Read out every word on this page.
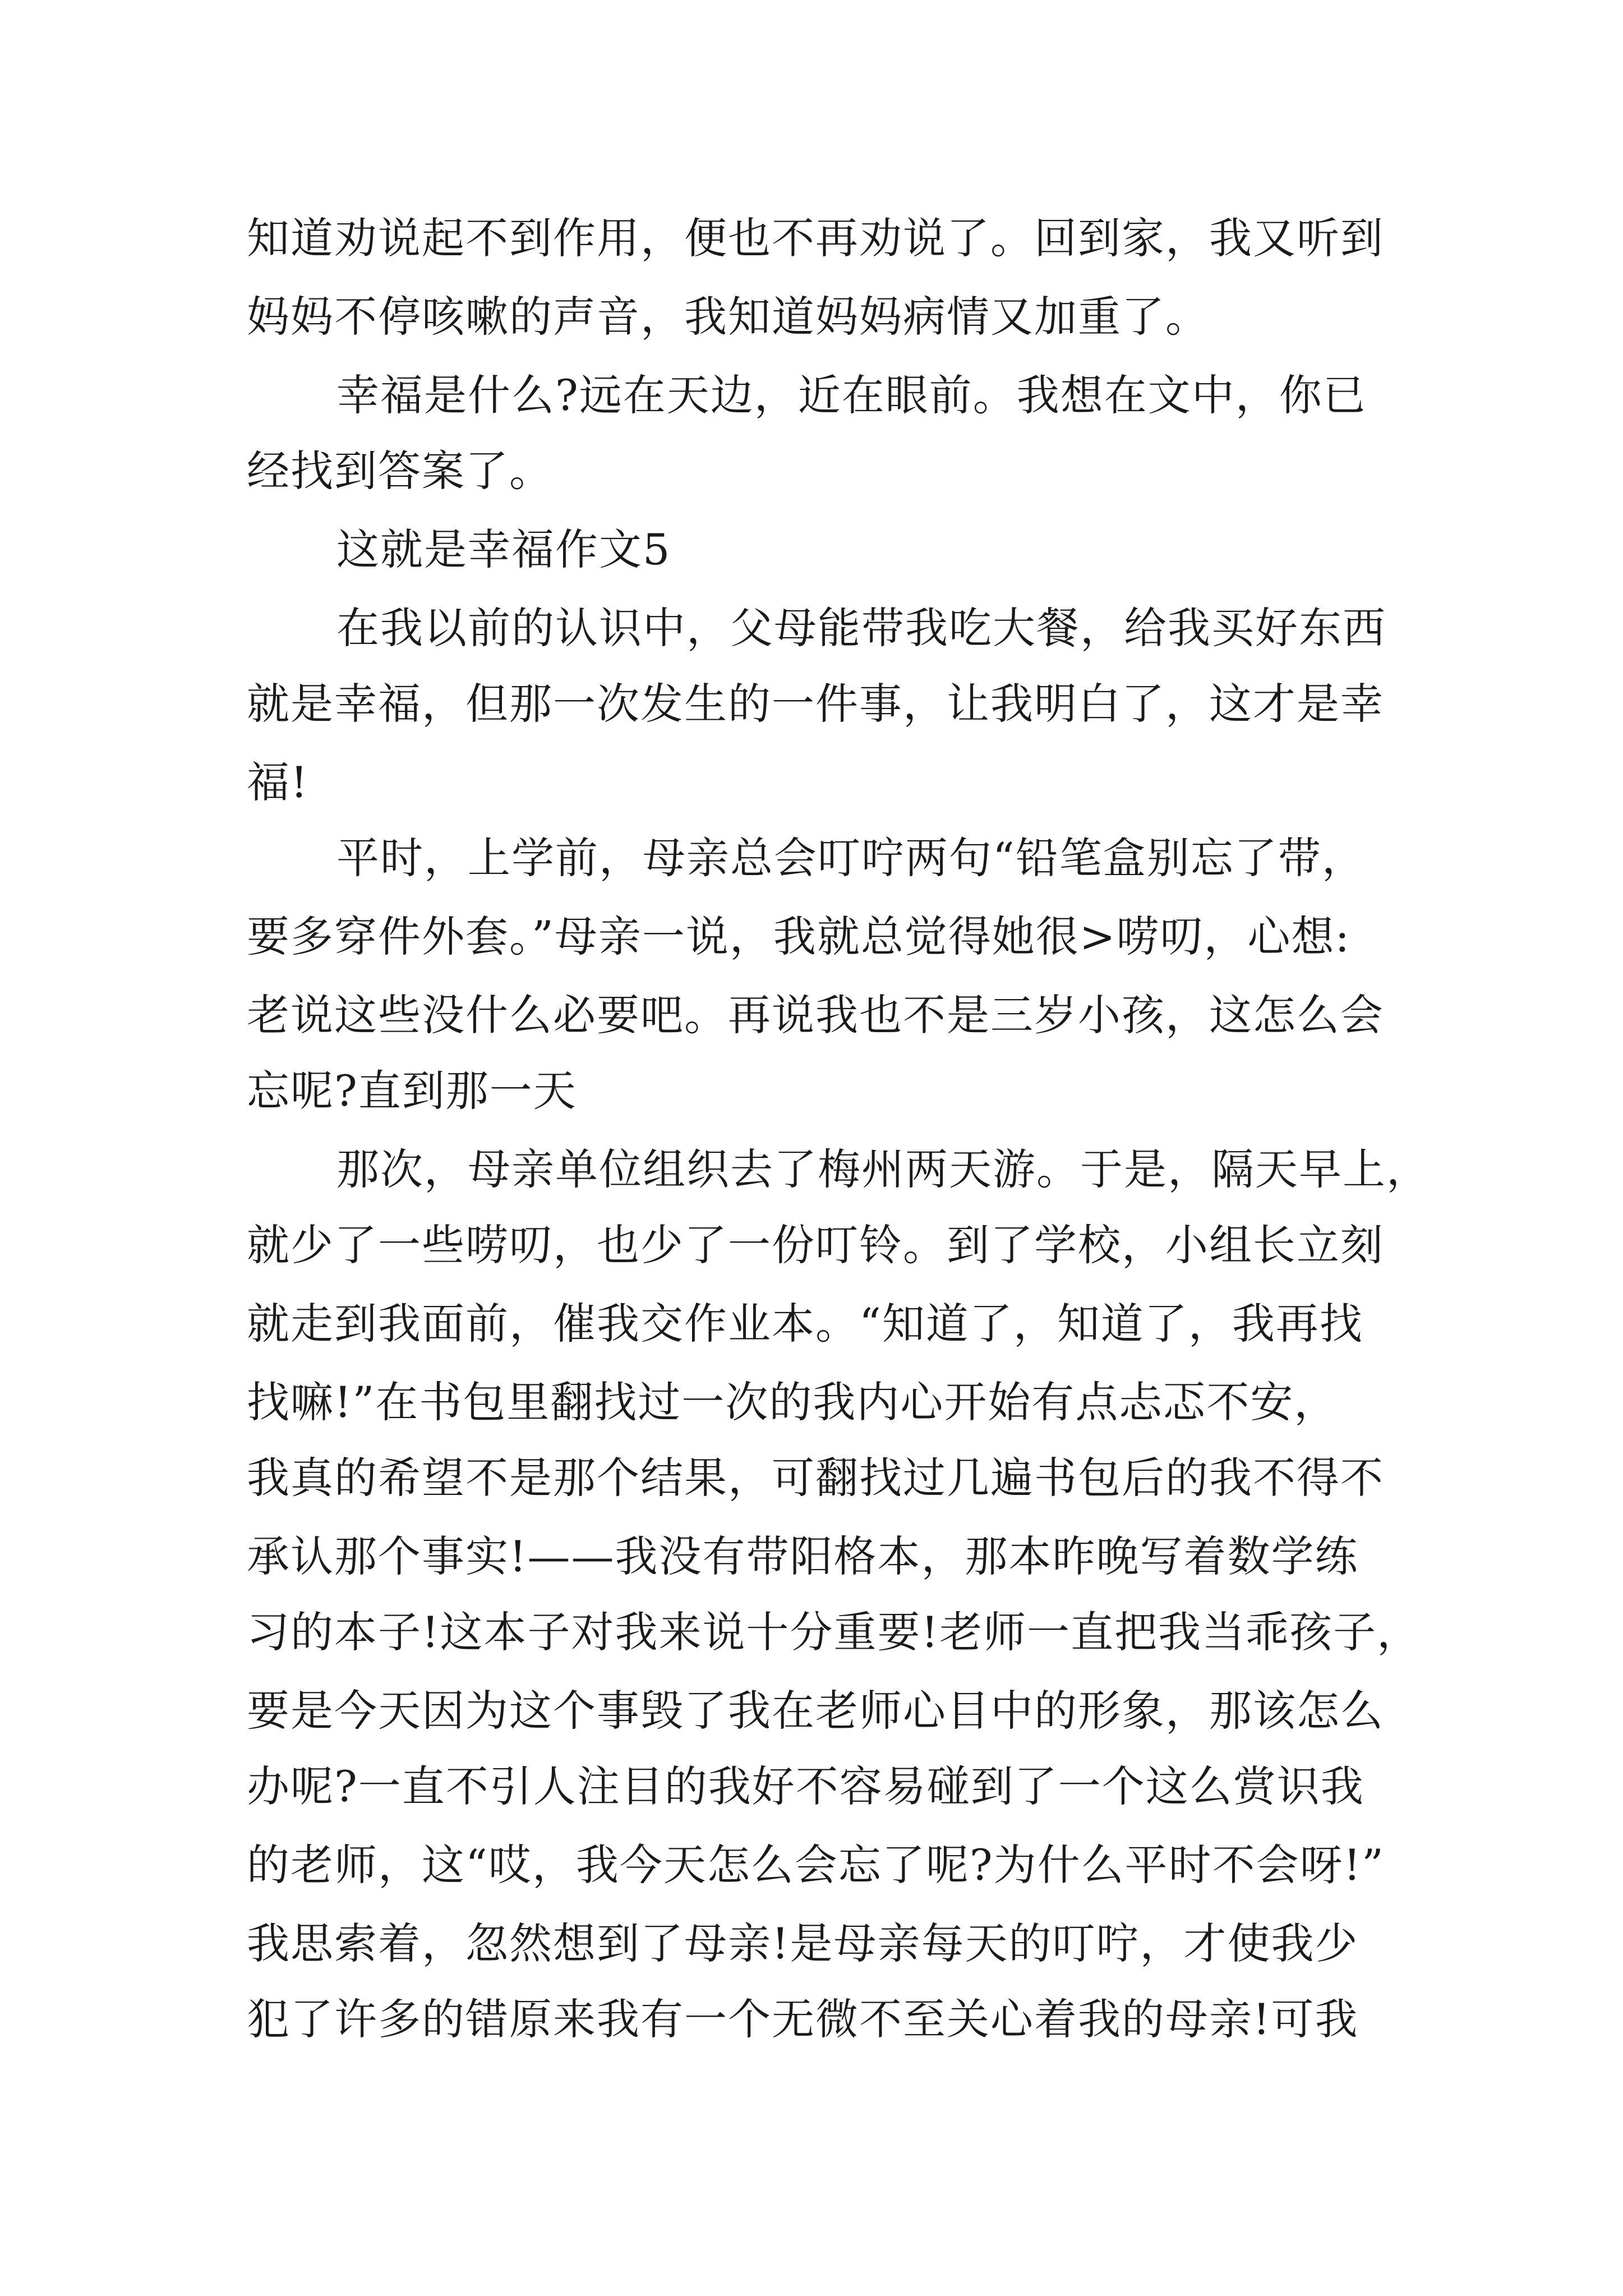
知道劝说起不到作用，便也不再劝说了。回到家，我又听到
妈妈不停咳嗽的声音，我知道妈妈病情又加重了。
幸福是什么?远在天边，近在眼前。我想在文中，你已
经找到答案了。
这就是幸福作文5
在我以前的认识中，父母能带我吃大餐，给我买好东西
就是幸福，但那一次发生的一件事，让我明白了，这才是幸
福!
平时，上学前，母亲总会叮咛两句“铅笔盒别忘了带，
要多穿件外套。”母亲一说，我就总觉得她很>唠叨，心想:
老说这些没什么必要吧。再说我也不是三岁小孩，这怎么会
忘呢?直到那一天
那次，母亲单位组织去了梅州两天游。于是，隔天早上，
就少了一些唠叨，也少了一份叮铃。到了学校，小组长立刻
就走到我面前，催我交作业本。“知道了，知道了，我再找
找嘛!”在书包里翻找过一次的我内心开始有点忐忑不安，
我真的希望不是那个结果，可翻找过几遍书包后的我不得不
承认那个事实!——我没有带阳格本，那本昨晚写着数学练
习的本子!这本子对我来说十分重要!老师一直把我当乖孩子，
要是今天因为这个事毁了我在老师心目中的形象，那该怎么
办呢?一直不引人注目的我好不容易碰到了一个这么赏识我
的老师，这“哎，我今天怎么会忘了呢?为什么平时不会呀!”
我思索着，忽然想到了母亲!是母亲每天的叮咛，才使我少
犯了许多的错原来我有一个无微不至关心着我的母亲!可我
